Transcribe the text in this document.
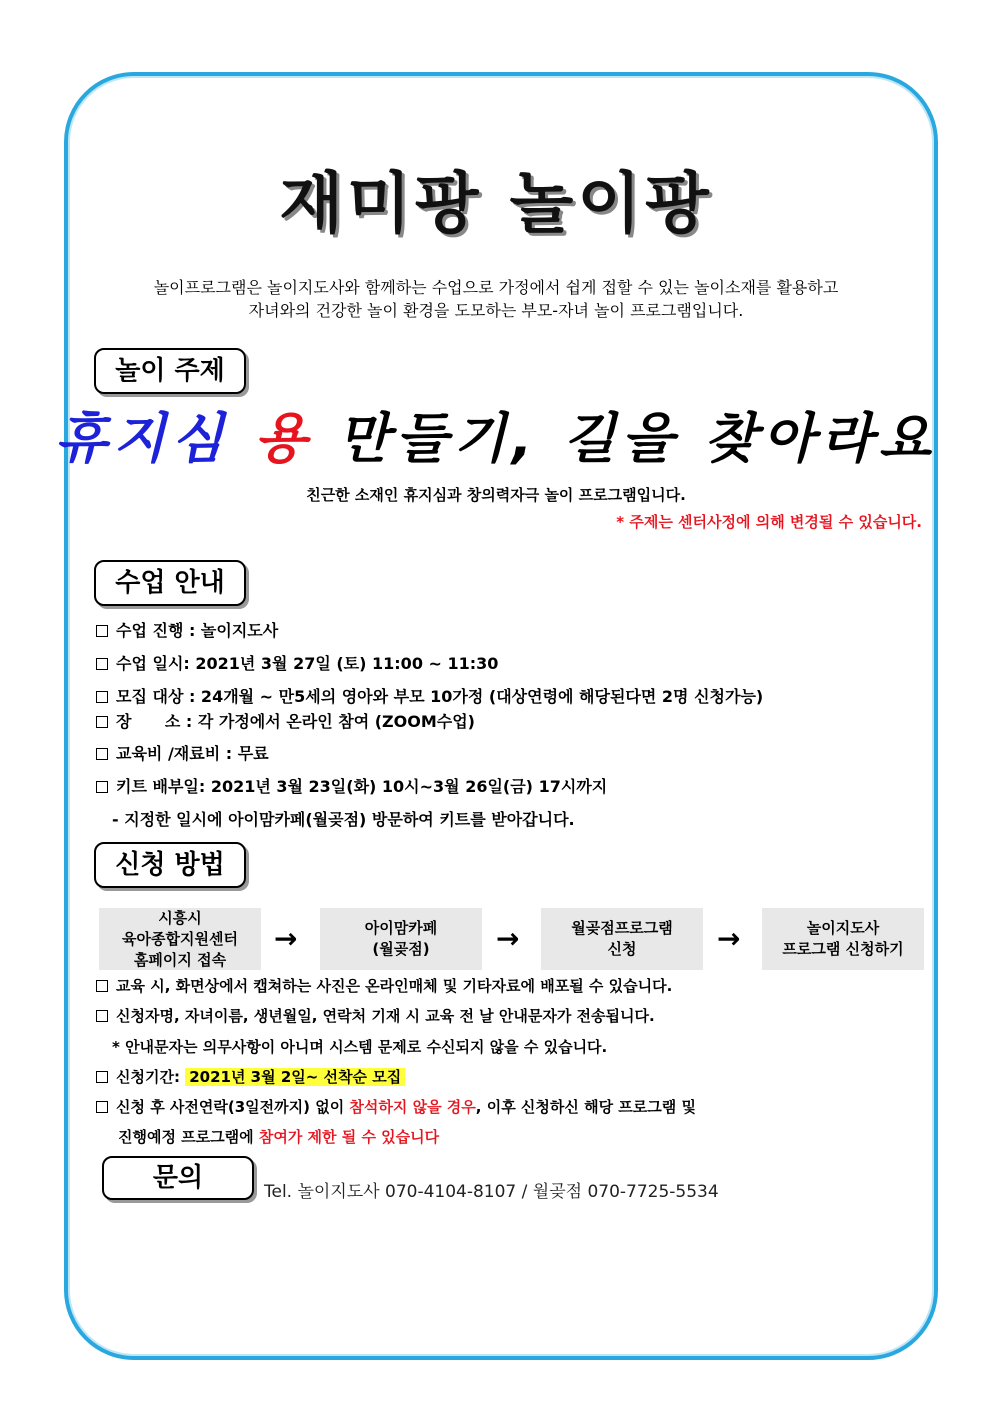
재미팡 놀이팡
놀이프로그램은 놀이지도사와 함께하는 수업으로 가정에서 쉽게 접할 수 있는 놀이소재를 활용하고
자녀와의 건강한 놀이 환경을 도모하는 부모-자녀 놀이 프로그램입니다.
놀이 주제
휴지심 용 만들기, 길을 찾아라요
친근한 소재인 휴지심과 창의력자극 놀이 프로그램입니다.
* 주제는 센터사정에 의해 변경될 수 있습니다.
수업 안내
수업 진행 : 놀이지도사
수업 일시: 2021년 3월 27일 (토) 11:00 ~ 11:30
모집 대상 : 24개월 ~ 만5세의 영아와 부모 10가정 (대상연령에 해당된다면 2명 신청가능)
장      소 : 각 가정에서 온라인 참여 (ZOOM수업)
교육비 /재료비 : 무료
키트 배부일: 2021년 3월 23일(화) 10시~3월 26일(금) 17시까지
- 지정한 일시에 아이맘카페(월곶점) 방문하여 키트를 받아갑니다.
신청 방법
시흥시
육아종합지원센터
홈페이지 접속
→	아이맘카페
(월곶점)	→	월곶점프로그램
신청	→	놀이지도사
프로그램 신청하기
교육 시, 화면상에서 캡쳐하는 사진은 온라인매체 및 기타자료에 배포될 수 있습니다.
신청자명, 자녀이름, 생년월일, 연락처 기재 시 교육 전 날 안내문자가 전송됩니다.
* 안내문자는 의무사항이 아니며 시스템 문제로 수신되지 않을 수 있습니다.
신청기간: 2021년 3월 2일~ 선착순 모집
신청 후 사전연락(3일전까지) 없이 참석하지 않을 경우, 이후 신청하신 해당 프로그램 및
진행예정 프로그램에 참여가 제한 될 수 있습니다
문의	Tel. 놀이지도사 070-4104-8107 / 월곶점 070-7725-5534
